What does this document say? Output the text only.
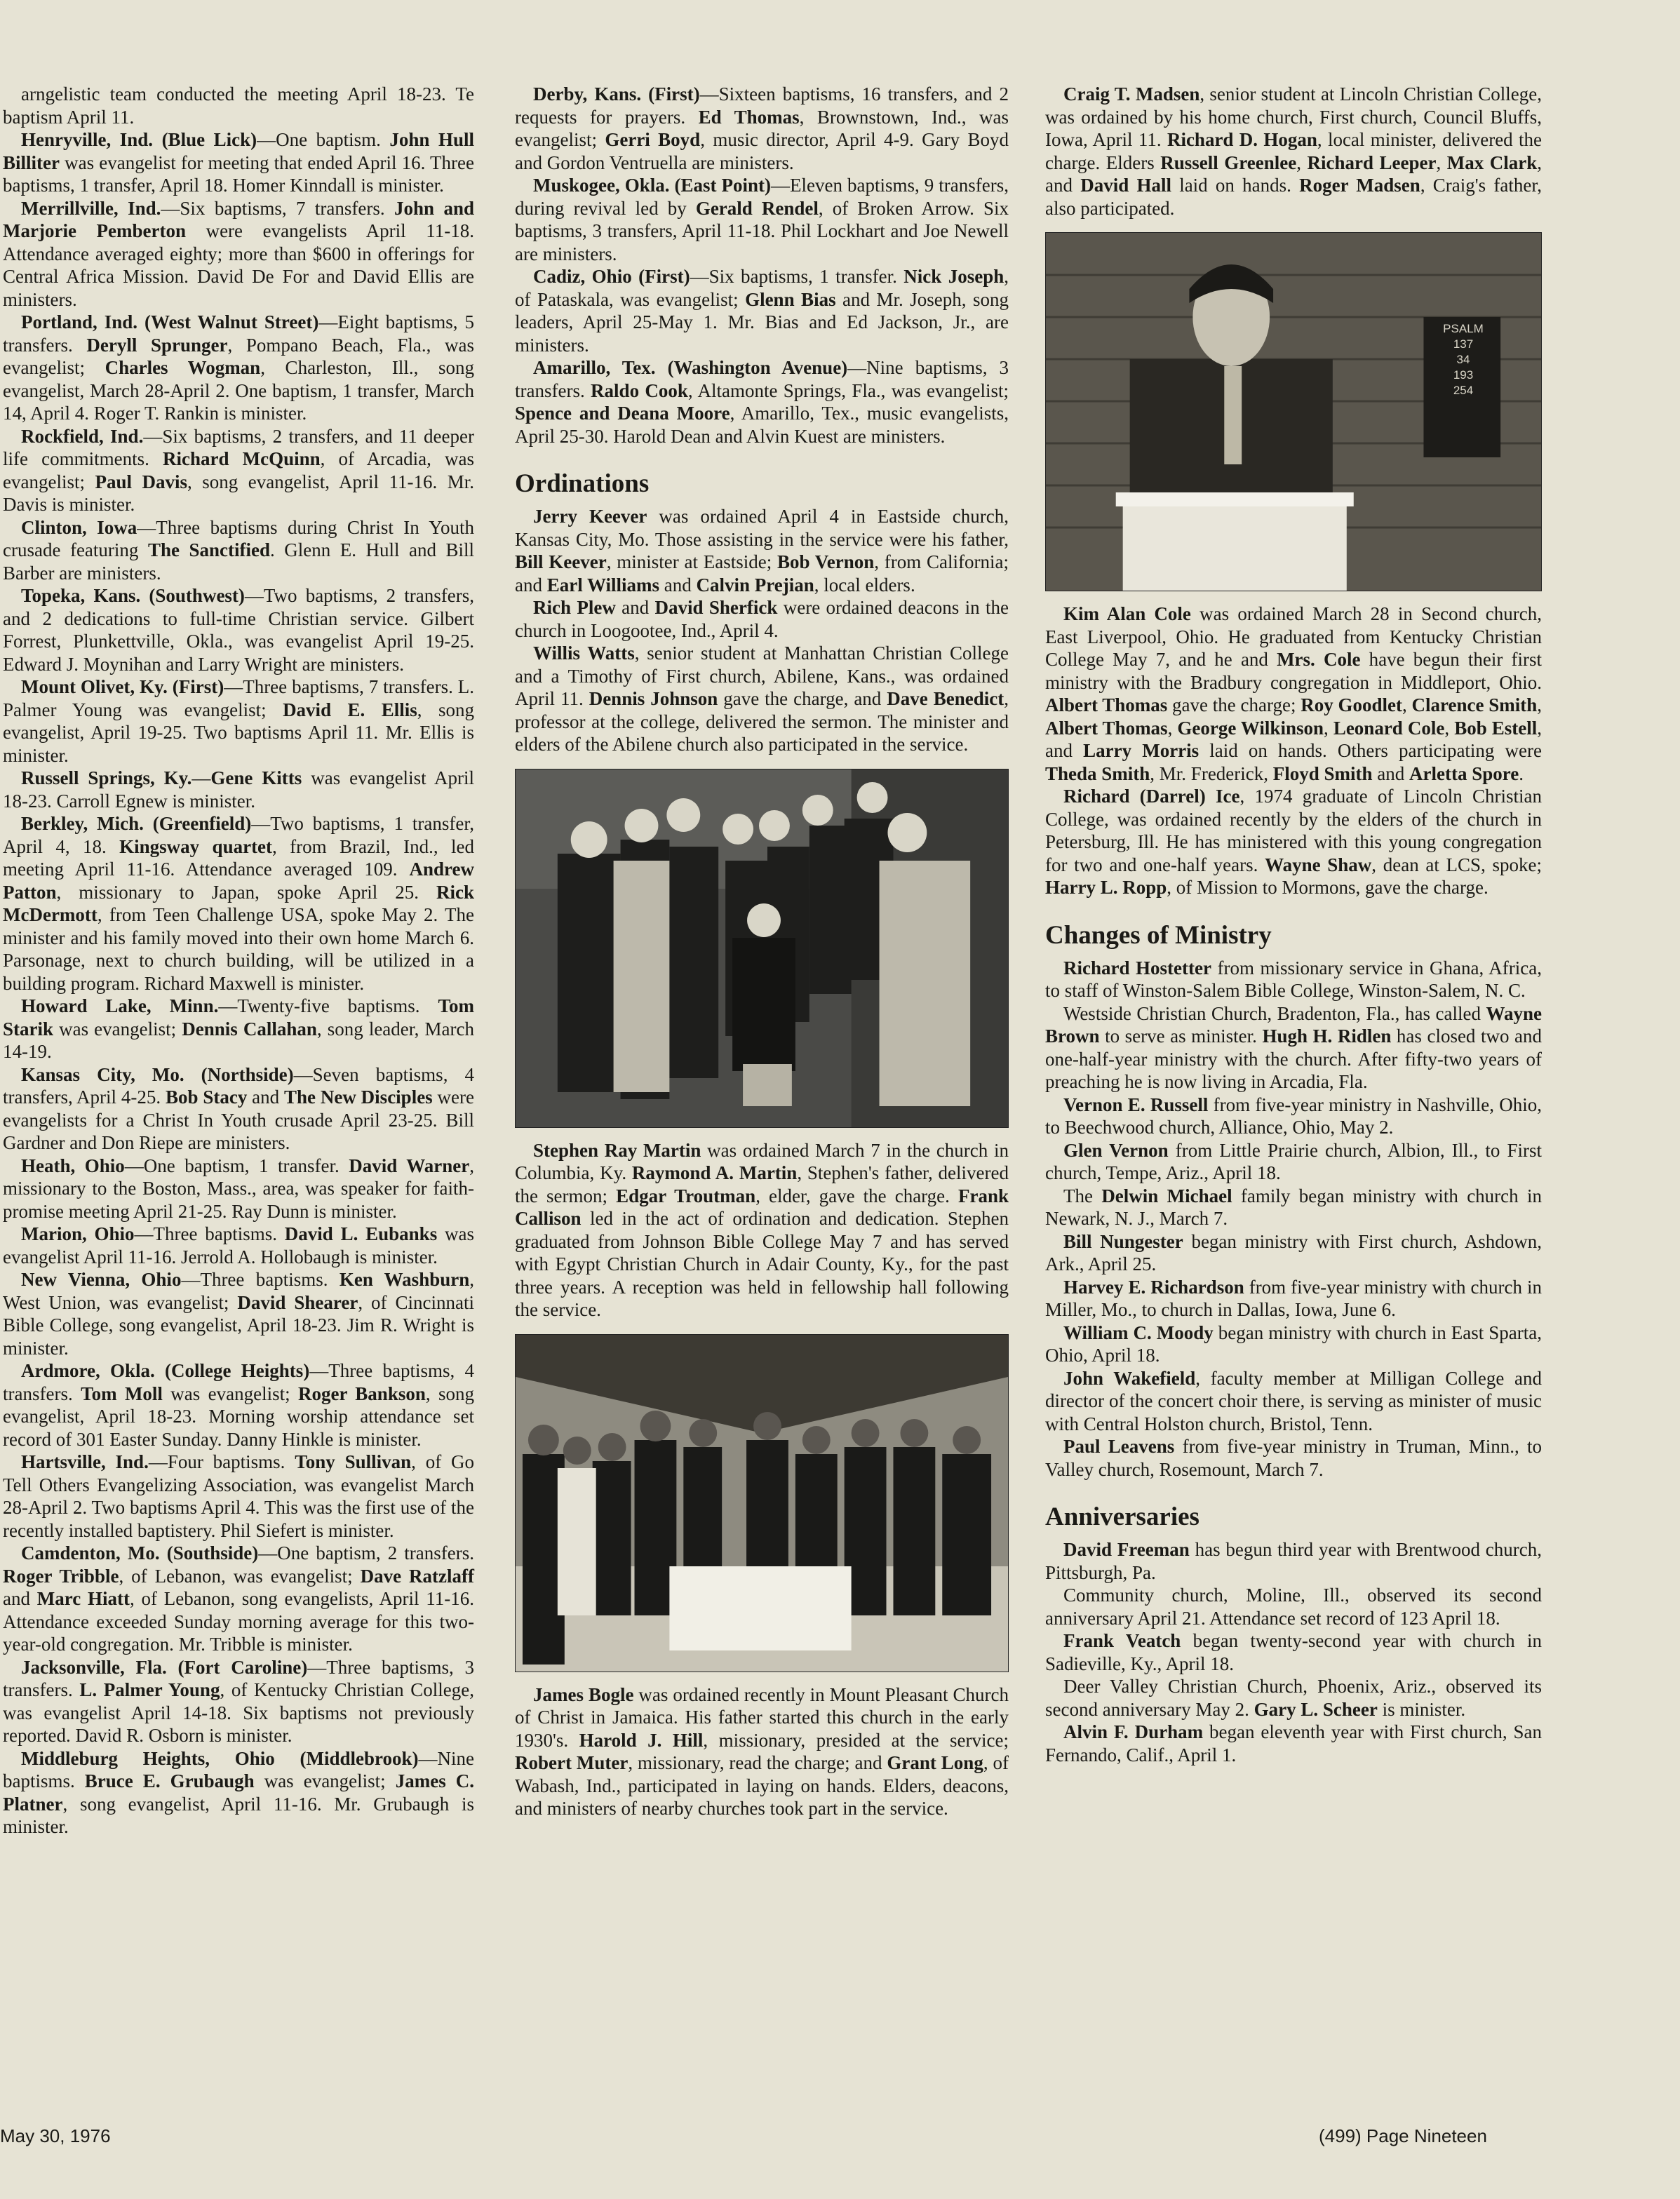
arngelistic team conducted the meeting April 18-23. Te baptism April 11.

Henryville, Ind. (Blue Lick)—One baptism. John Hull Billiter was evangelist for meeting that ended April 16. Three baptisms, 1 transfer, April 18. Homer Kinndall is minister.

Merrillville, Ind.—Six baptisms, 7 transfers. John and Marjorie Pemberton were evangelists April 11-18. Attendance averaged eighty; more than $600 in offerings for Central Africa Mission. David De For and David Ellis are ministers.

Portland, Ind. (West Walnut Street)—Eight baptisms, 5 transfers. Deryll Sprunger, Pompano Beach, Fla., was evangelist; Charles Wogman, Charleston, Ill., song evangelist, March 28-April 2. One baptism, 1 transfer, March 14, April 4. Roger T. Rankin is minister.

Rockfield, Ind.—Six baptisms, 2 transfers, and 11 deeper life commitments. Richard McQuinn, of Arcadia, was evangelist; Paul Davis, song evangelist, April 11-16. Mr. Davis is minister.

Clinton, Iowa—Three baptisms during Christ In Youth crusade featuring The Sanctified. Glenn E. Hull and Bill Barber are ministers.

Topeka, Kans. (Southwest)—Two baptisms, 2 transfers, and 2 dedications to full-time Christian service. Gilbert Forrest, Plunkettville, Okla., was evangelist April 19-25. Edward J. Moynihan and Larry Wright are ministers.

Mount Olivet, Ky. (First)—Three baptisms, 7 transfers. L. Palmer Young was evangelist; David E. Ellis, song evangelist, April 19-25. Two baptisms April 11. Mr. Ellis is minister.

Russell Springs, Ky.—Gene Kitts was evangelist April 18-23. Carroll Egnew is minister.

Berkley, Mich. (Greenfield)—Two baptisms, 1 transfer, April 4, 18. Kingsway quartet, from Brazil, Ind., led meeting April 11-16. Attendance averaged 109. Andrew Patton, missionary to Japan, spoke April 25. Rick McDermott, from Teen Challenge USA, spoke May 2. The minister and his family moved into their own home March 6. Parsonage, next to church building, will be utilized in a building program. Richard Maxwell is minister.

Howard Lake, Minn.—Twenty-five baptisms. Tom Starik was evangelist; Dennis Callahan, song leader, March 14-19.

Kansas City, Mo. (Northside)—Seven baptisms, 4 transfers, April 4-25. Bob Stacy and The New Disciples were evangelists for a Christ In Youth crusade April 23-25. Bill Gardner and Don Riepe are ministers.

Heath, Ohio—One baptism, 1 transfer. David Warner, missionary to the Boston, Mass., area, was speaker for faith-promise meeting April 21-25. Ray Dunn is minister.

Marion, Ohio—Three baptisms. David L. Eubanks was evangelist April 11-16. Jerrold A. Hollobaugh is minister.

New Vienna, Ohio—Three baptisms. Ken Washburn, West Union, was evangelist; David Shearer, of Cincinnati Bible College, song evangelist, April 18-23. Jim R. Wright is minister.

Ardmore, Okla. (College Heights)—Three baptisms, 4 transfers. Tom Moll was evangelist; Roger Bankson, song evangelist, April 18-23. Morning worship attendance set record of 301 Easter Sunday. Danny Hinkle is minister.

Hartsville, Ind.—Four baptisms. Tony Sullivan, of Go Tell Others Evangelizing Association, was evangelist March 28-April 2. Two baptisms April 4. This was the first use of the recently installed baptistery. Phil Siefert is minister.

Camdenton, Mo. (Southside)—One baptism, 2 transfers. Roger Tribble, of Lebanon, was evangelist; Dave Ratzlaff and Marc Hiatt, of Lebanon, song evangelists, April 11-16. Attendance exceeded Sunday morning average for this two-year-old congregation. Mr. Tribble is minister.

Jacksonville, Fla. (Fort Caroline)—Three baptisms, 3 transfers. L. Palmer Young, of Kentucky Christian College, was evangelist April 14-18. Six baptisms not previously reported. David R. Osborn is minister.

Middleburg Heights, Ohio (Middlebrook)—Nine baptisms. Bruce E. Grubaugh was evangelist; James C. Platner, song evangelist, April 11-16. Mr. Grubaugh is minister.

Derby, Kans. (First)—Sixteen baptisms, 16 transfers, and 2 requests for prayers. Ed Thomas, Brownstown, Ind., was evangelist; Gerri Boyd, music director, April 4-9. Gary Boyd and Gordon Ventruella are ministers.

Muskogee, Okla. (East Point)—Eleven baptisms, 9 transfers, during revival led by Gerald Rendel, of Broken Arrow. Six baptisms, 3 transfers, April 11-18. Phil Lockhart and Joe Newell are ministers.

Cadiz, Ohio (First)—Six baptisms, 1 transfer. Nick Joseph, of Pataskala, was evangelist; Glenn Bias and Mr. Joseph, song leaders, April 25-May 1. Mr. Bias and Ed Jackson, Jr., are ministers.

Amarillo, Tex. (Washington Avenue)—Nine baptisms, 3 transfers. Raldo Cook, Altamonte Springs, Fla., was evangelist; Spence and Deana Moore, Amarillo, Tex., music evangelists, April 25-30. Harold Dean and Alvin Kuest are ministers.

Ordinations

Jerry Keever was ordained April 4 in Eastside church, Kansas City, Mo. Those assisting in the service were his father, Bill Keever, minister at Eastside; Bob Vernon, from California; and Earl Williams and Calvin Prejian, local elders.

Rich Plew and David Sherfick were ordained deacons in the church in Loogootee, Ind., April 4.

Willis Watts, senior student at Manhattan Christian College and a Timothy of First church, Abilene, Kans., was ordained April 11. Dennis Johnson gave the charge, and Dave Benedict, professor at the college, delivered the sermon. The minister and elders of the Abilene church also participated in the service.

Stephen Ray Martin was ordained March 7 in the church in Columbia, Ky. Raymond A. Martin, Stephen's father, delivered the sermon; Edgar Troutman, elder, gave the charge. Frank Callison led in the act of ordination and dedication. Stephen graduated from Johnson Bible College May 7 and has served with Egypt Christian Church in Adair County, Ky., for the past three years. A reception was held in fellowship hall following the service.

James Bogle was ordained recently in Mount Pleasant Church of Christ in Jamaica. His father started this church in the early 1930's. Harold J. Hill, missionary, presided at the service; Robert Muter, missionary, read the charge; and Grant Long, of Wabash, Ind., participated in laying on hands. Elders, deacons, and ministers of nearby churches took part in the service.

Craig T. Madsen, senior student at Lincoln Christian College, was ordained by his home church, First church, Council Bluffs, Iowa, April 11. Richard D. Hogan, local minister, delivered the charge. Elders Russell Greenlee, Richard Leeper, Max Clark, and David Hall laid on hands. Roger Madsen, Craig's father, also participated.

PSALM
137
34
193
254

Kim Alan Cole was ordained March 28 in Second church, East Liverpool, Ohio. He graduated from Kentucky Christian College May 7, and he and Mrs. Cole have begun their first ministry with the Bradbury congregation in Middleport, Ohio. Albert Thomas gave the charge; Roy Goodlet, Clarence Smith, Albert Thomas, George Wilkinson, Leonard Cole, Bob Estell, and Larry Morris laid on hands. Others participating were Theda Smith, Mr. Frederick, Floyd Smith and Arletta Spore.

Richard (Darrel) Ice, 1974 graduate of Lincoln Christian College, was ordained recently by the elders of the church in Petersburg, Ill. He has ministered with this young congregation for two and one-half years. Wayne Shaw, dean at LCS, spoke; Harry L. Ropp, of Mission to Mormons, gave the charge.

Changes of Ministry

Richard Hostetter from missionary service in Ghana, Africa, to staff of Winston-Salem Bible College, Winston-Salem, N. C.

Westside Christian Church, Bradenton, Fla., has called Wayne Brown to serve as minister. Hugh H. Ridlen has closed two and one-half-year ministry with the church. After fifty-two years of preaching he is now living in Arcadia, Fla.

Vernon E. Russell from five-year ministry in Nashville, Ohio, to Beechwood church, Alliance, Ohio, May 2.

Glen Vernon from Little Prairie church, Albion, Ill., to First church, Tempe, Ariz., April 18.

The Delwin Michael family began ministry with church in Newark, N. J., March 7.

Bill Nungester began ministry with First church, Ashdown, Ark., April 25.

Harvey E. Richardson from five-year ministry with church in Miller, Mo., to church in Dallas, Iowa, June 6.

William C. Moody began ministry with church in East Sparta, Ohio, April 18.

John Wakefield, faculty member at Milligan College and director of the concert choir there, is serving as minister of music with Central Holston church, Bristol, Tenn.

Paul Leavens from five-year ministry in Truman, Minn., to Valley church, Rosemount, March 7.

Anniversaries

David Freeman has begun third year with Brentwood church, Pittsburgh, Pa.

Community church, Moline, Ill., observed its second anniversary April 21. Attendance set record of 123 April 18.

Frank Veatch began twenty-second year with church in Sadieville, Ky., April 18.

Deer Valley Christian Church, Phoenix, Ariz., observed its second anniversary May 2. Gary L. Scheer is minister.

Alvin F. Durham began eleventh year with First church, San Fernando, Calif., April 1.

May 30, 1976	(499) Page Nineteen
